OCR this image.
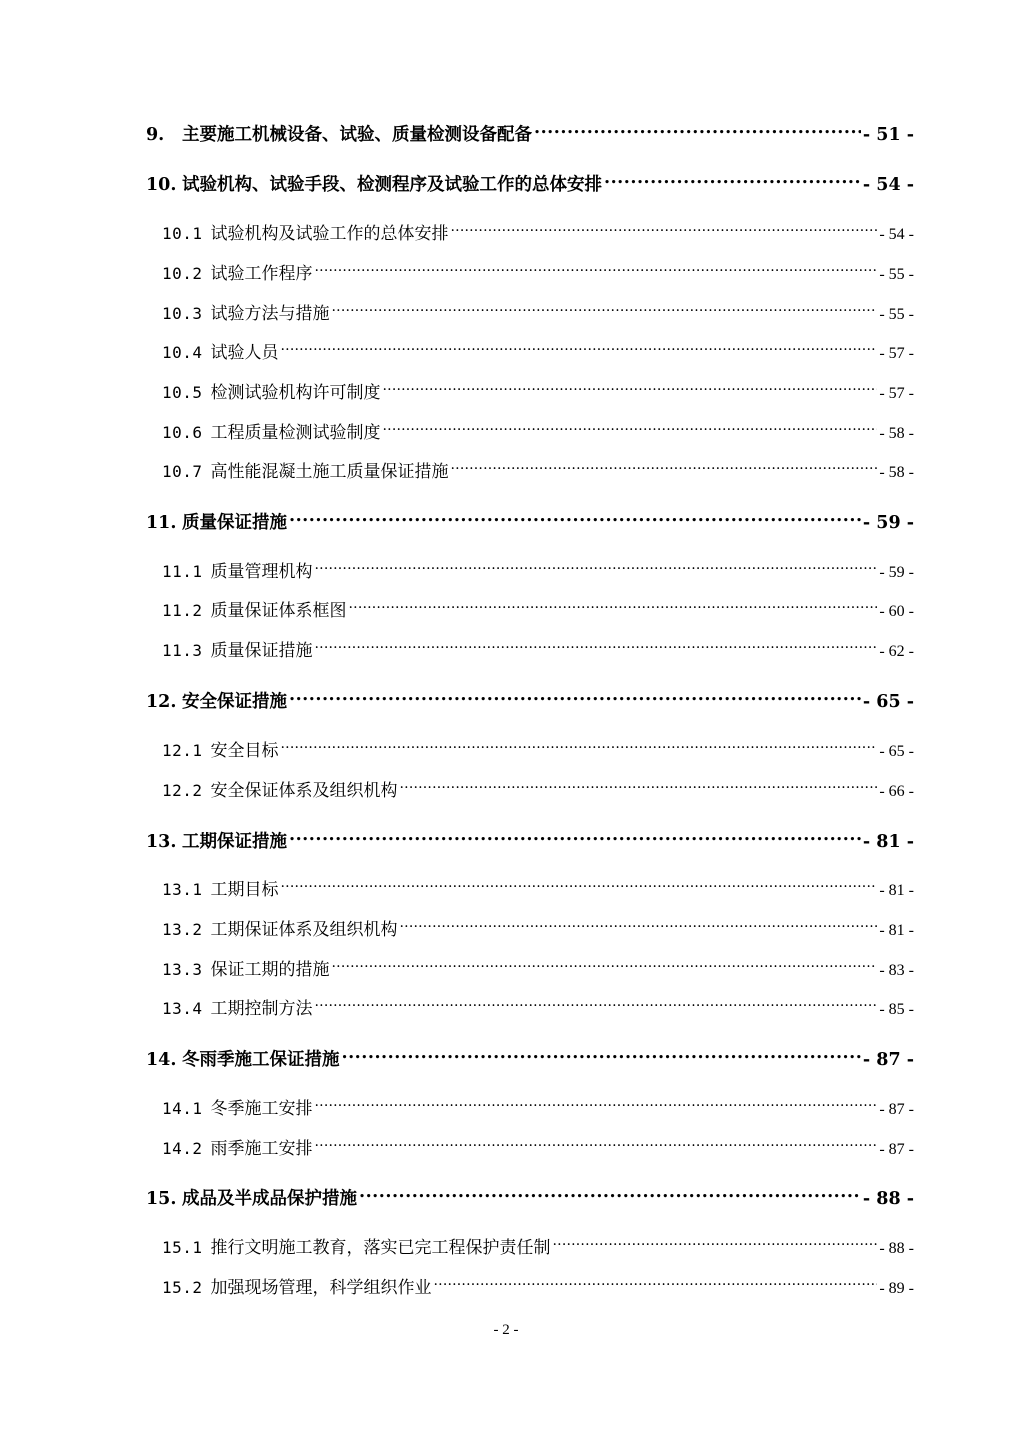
9.	主要施工机械设备、试验、质量检测设备配备 .....	- 51 -
10. 试验机构、试验手段、检测程序及试验工作的总体安排 .....	- 54 -
10.1 试验机构及试验工作的总体安排 .....	- 54 -
10.2 试验工作程序 .....	- 55 -
10.3 试验方法与措施 .....	- 55 -
10.4 试验人员 .....	- 57 -
10.5 检测试验机构许可制度 .....	- 57 -
10.6 工程质量检测试验制度 .....	- 58 -
10.7 高性能混凝土施工质量保证措施 .....	- 58 -
11. 质量保证措施 .....	- 59 -
11.1 质量管理机构 .....	- 59 -
11.2 质量保证体系框图 .....	- 60 -
11.3 质量保证措施 .....	- 62 -
12. 安全保证措施 .....	- 65 -
12.1 安全目标 .....	- 65 -
12.2 安全保证体系及组织机构 .....	- 66 -
13. 工期保证措施 .....	- 81 -
13.1 工期目标 .....	- 81 -
13.2 工期保证体系及组织机构 .....	- 81 -
13.3 保证工期的措施 .....	- 83 -
13.4 工期控制方法 .....	- 85 -
14. 冬雨季施工保证措施 .....	- 87 -
14.1 冬季施工安排 .....	- 87 -
14.2 雨季施工安排 .....	- 87 -
15. 成品及半成品保护措施 .....	- 88 -
15.1 推行文明施工教育，落实已完工程保护责任制 .....	- 88 -
15.2 加强现场管理，科学组织作业 .....	- 89 -
- 2 -
